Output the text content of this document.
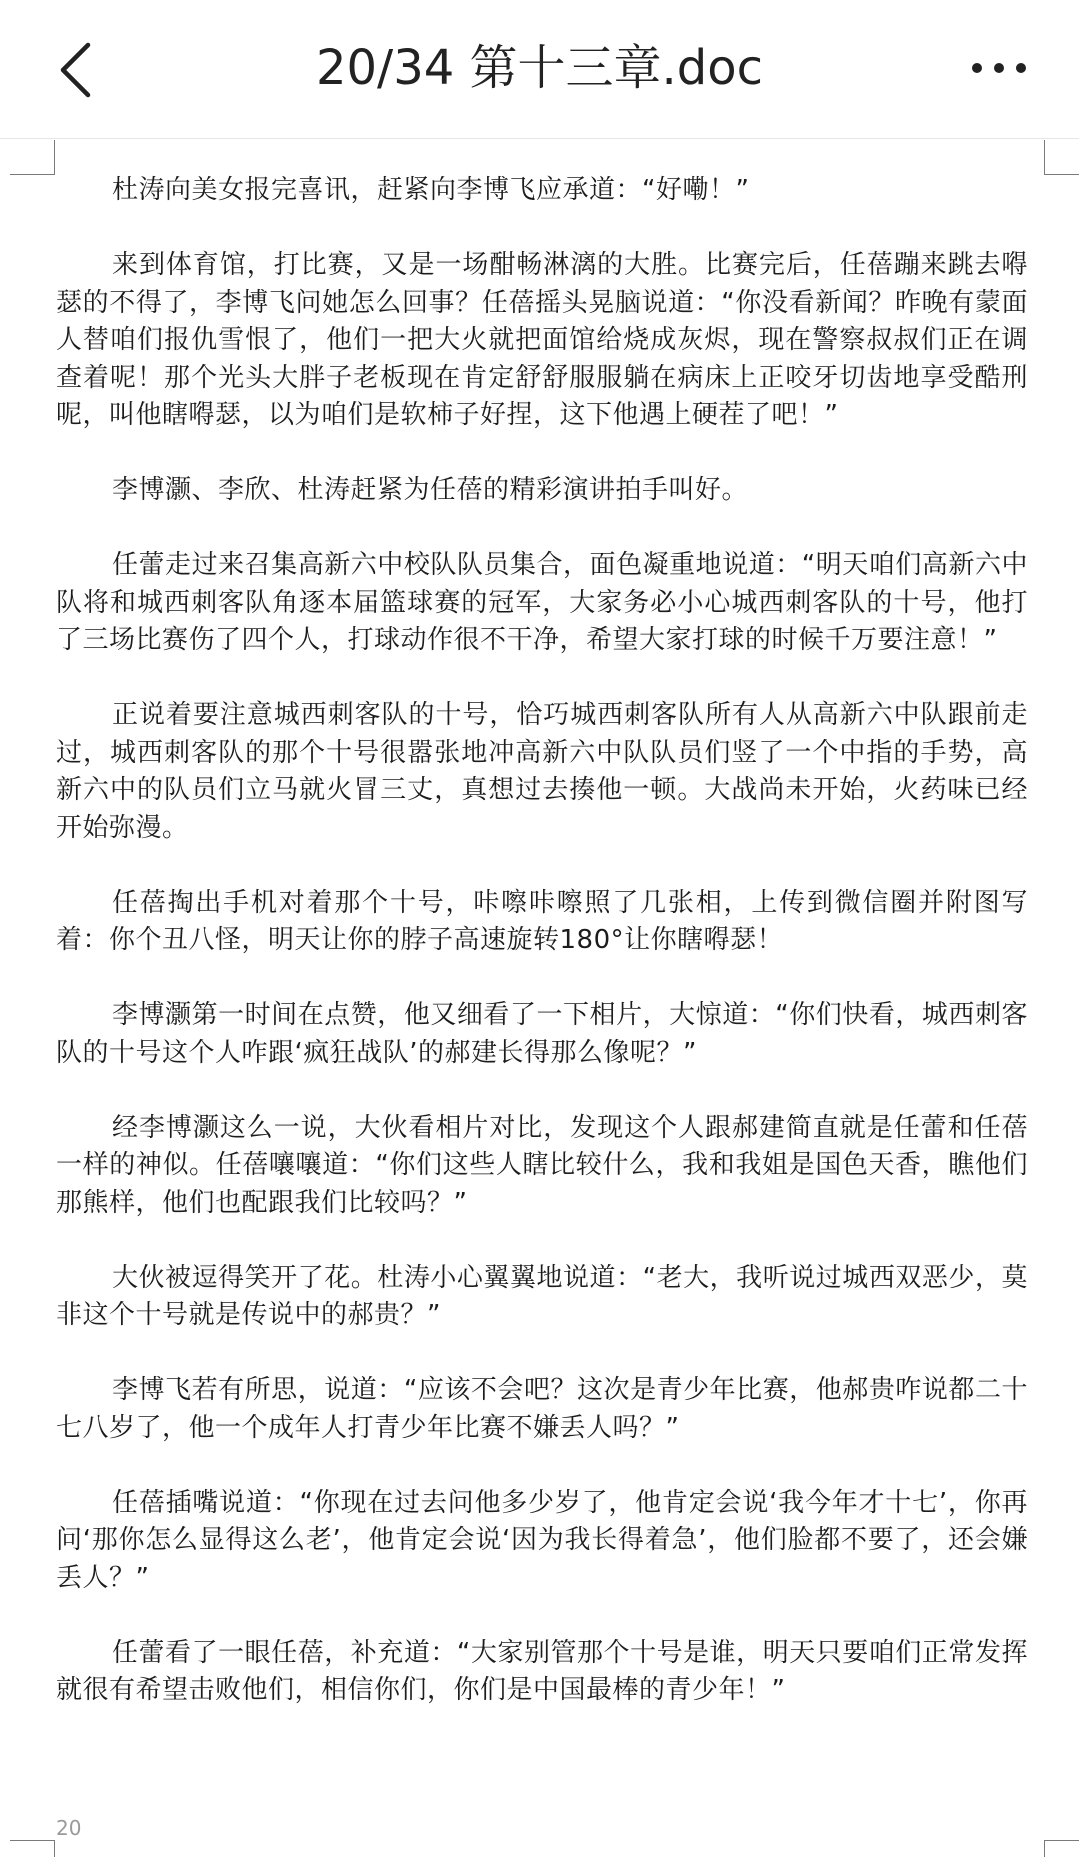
20/34 第十三章.doc

杜涛向美女报完喜讯，赶紧向李博飞应承道：“好嘞！”

来到体育馆，打比赛，又是一场酣畅淋漓的大胜。比赛完后，任蓓蹦来跳去嘚瑟的不得了，李博飞问她怎么回事？任蓓摇头晃脑说道：“你没看新闻？昨晚有蒙面人替咱们报仇雪恨了，他们一把大火就把面馆给烧成灰烬，现在警察叔叔们正在调查着呢！那个光头大胖子老板现在肯定舒舒服服躺在病床上正咬牙切齿地享受酷刑呢，叫他瞎嘚瑟，以为咱们是软柿子好捏，这下他遇上硬茬了吧！”

李博灏、李欣、杜涛赶紧为任蓓的精彩演讲拍手叫好。

任蕾走过来召集高新六中校队队员集合，面色凝重地说道：“明天咱们高新六中队将和城西刺客队角逐本届篮球赛的冠军，大家务必小心城西刺客队的十号，他打了三场比赛伤了四个人，打球动作很不干净，希望大家打球的时候千万要注意！”

正说着要注意城西刺客队的十号，恰巧城西刺客队所有人从高新六中队跟前走过，城西刺客队的那个十号很嚣张地冲高新六中队队员们竖了一个中指的手势，高新六中的队员们立马就火冒三丈，真想过去揍他一顿。大战尚未开始，火药味已经开始弥漫。

任蓓掏出手机对着那个十号，咔嚓咔嚓照了几张相，上传到微信圈并附图写着：你个丑八怪，明天让你的脖子高速旋转180°让你瞎嘚瑟！

李博灏第一时间在点赞，他又细看了一下相片，大惊道：“你们快看，城西刺客队的十号这个人咋跟‘疯狂战队’的郝建长得那么像呢？”

经李博灏这么一说，大伙看相片对比，发现这个人跟郝建简直就是任蕾和任蓓一样的神似。任蓓嚷嚷道：“你们这些人瞎比较什么，我和我姐是国色天香，瞧他们那熊样，他们也配跟我们比较吗？”

大伙被逗得笑开了花。杜涛小心翼翼地说道：“老大，我听说过城西双恶少，莫非这个十号就是传说中的郝贵？”

李博飞若有所思，说道：“应该不会吧？这次是青少年比赛，他郝贵咋说都二十七八岁了，他一个成年人打青少年比赛不嫌丢人吗？”

任蓓插嘴说道：“你现在过去问他多少岁了，他肯定会说‘我今年才十七’，你再问‘那你怎么显得这么老’，他肯定会说‘因为我长得着急’，他们脸都不要了，还会嫌丢人？”

任蕾看了一眼任蓓，补充道：“大家别管那个十号是谁，明天只要咱们正常发挥就很有希望击败他们，相信你们，你们是中国最棒的青少年！”

20
